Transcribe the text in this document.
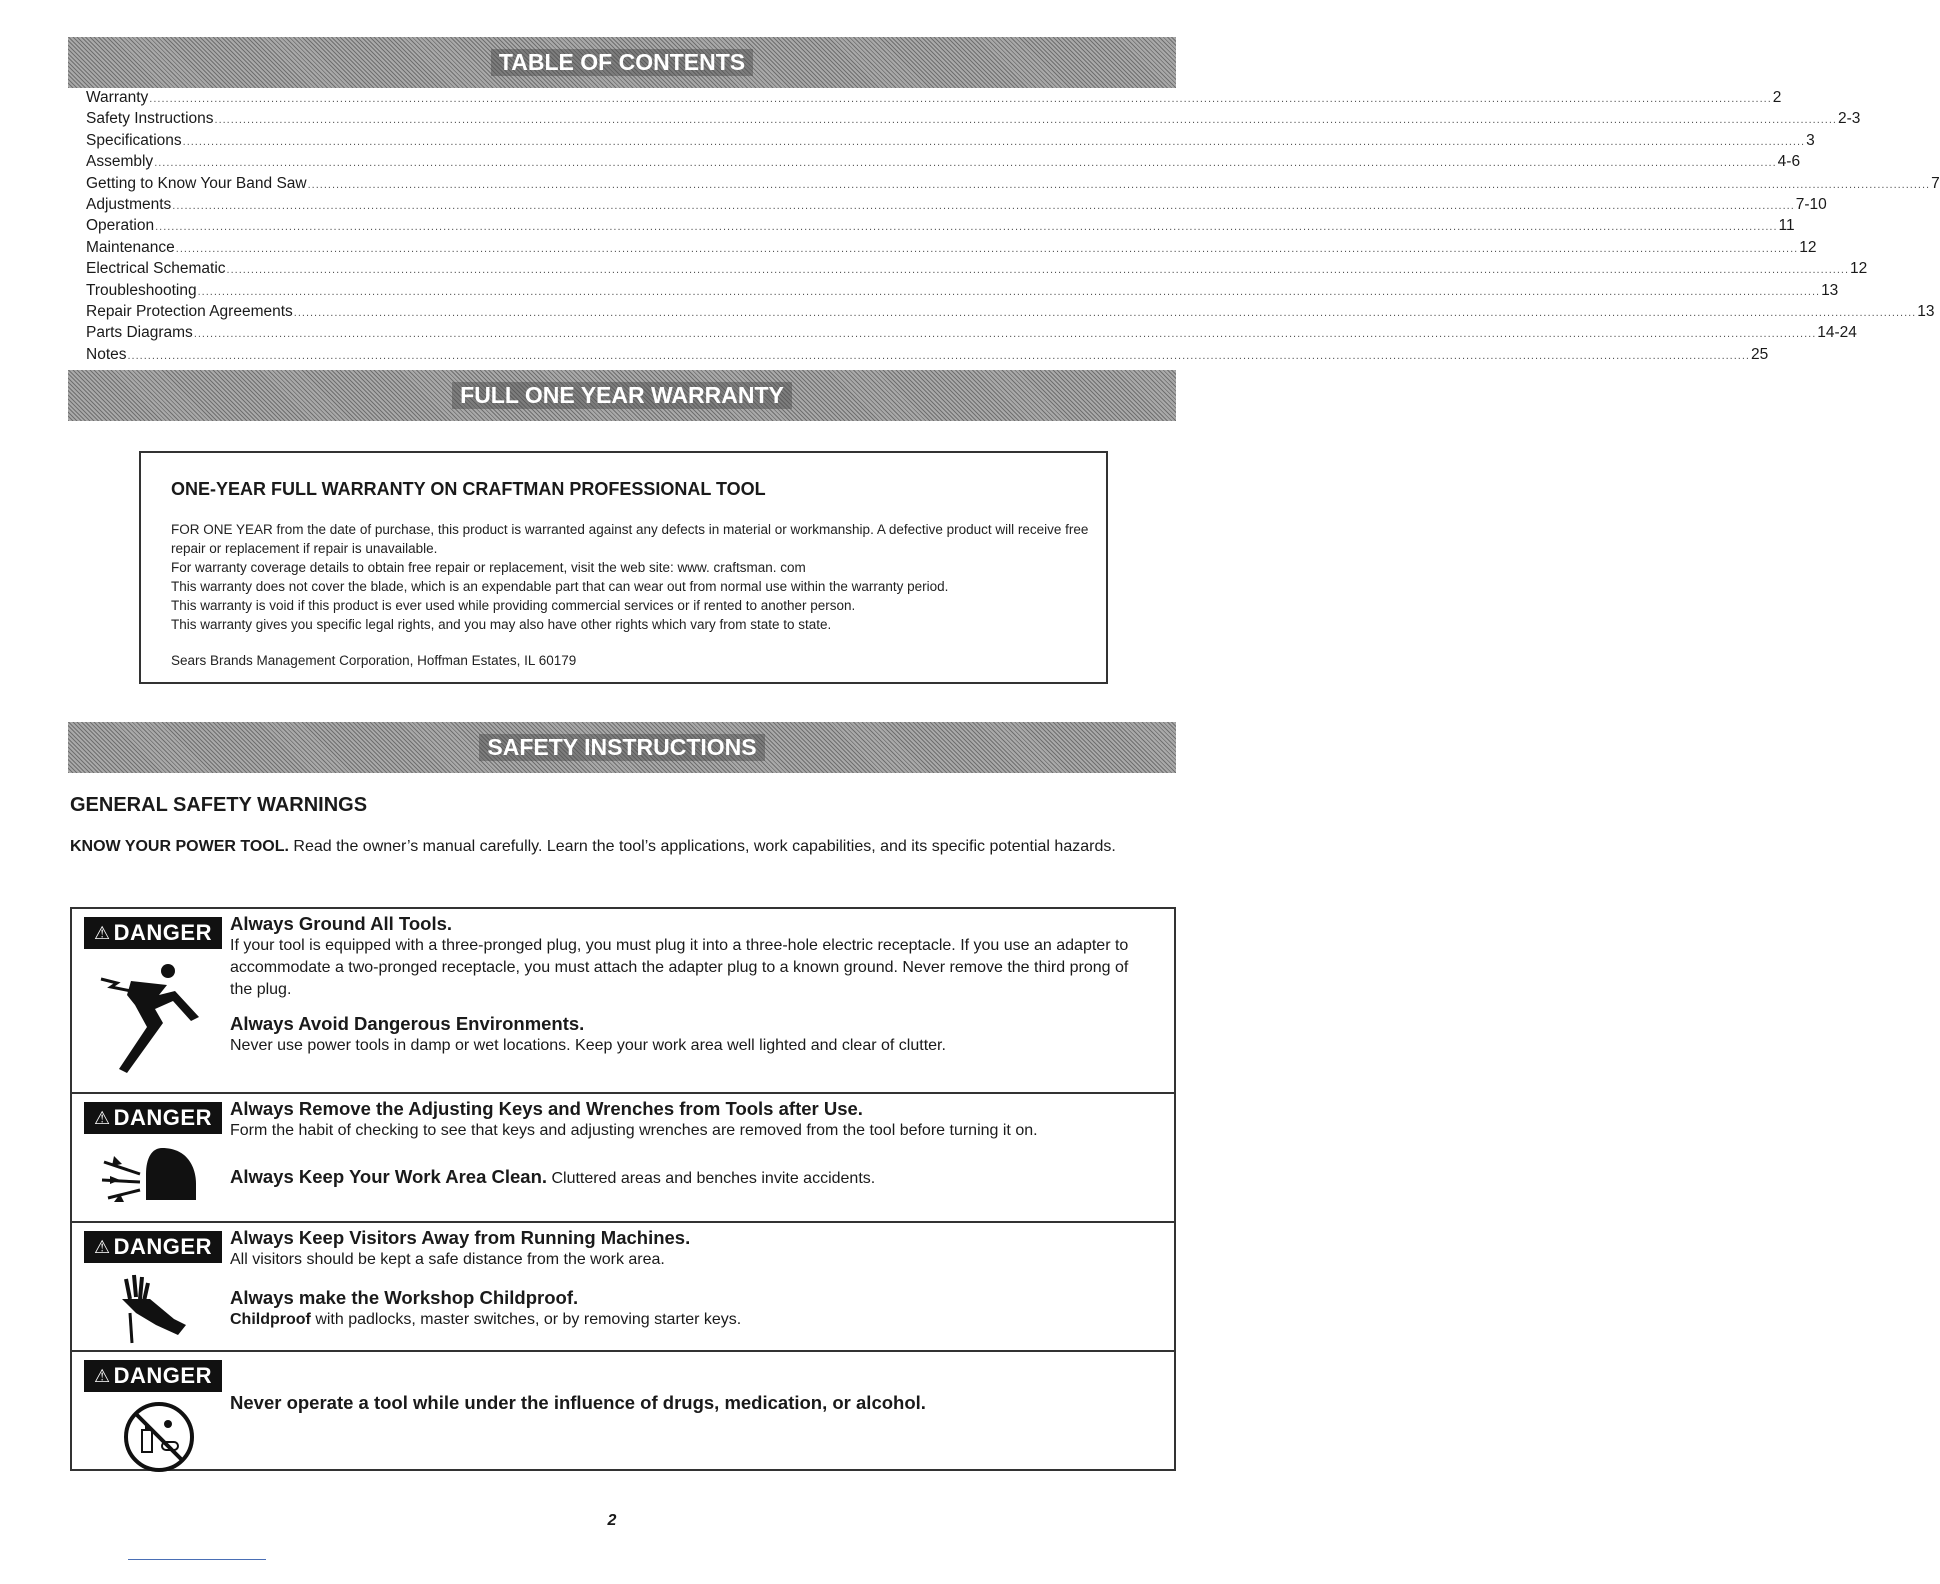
TABLE OF CONTENTS
Warranty ................................................................................................................................................................................................................................................................................................................................................................................................................ 2
Safety Instructions ................................................................................................................................................................................................................................................................................................................................................................................................................ 2-3
Specifications ................................................................................................................................................................................................................................................................................................................................................................................................................ 3
Assembly ................................................................................................................................................................................................................................................................................................................................................................................................................ 4-6
Getting to Know Your Band Saw ................................................................................................................................................................................................................................................................................................................................................................................................................ 7
Adjustments ................................................................................................................................................................................................................................................................................................................................................................................................................ 7-10
Operation ................................................................................................................................................................................................................................................................................................................................................................................................................ 11
Maintenance ................................................................................................................................................................................................................................................................................................................................................................................................................ 12
Electrical Schematic ................................................................................................................................................................................................................................................................................................................................................................................................................ 12
Troubleshooting ................................................................................................................................................................................................................................................................................................................................................................................................................ 13
Repair Protection Agreements ................................................................................................................................................................................................................................................................................................................................................................................................................ 13
Parts Diagrams ................................................................................................................................................................................................................................................................................................................................................................................................................ 14-24
Notes ................................................................................................................................................................................................................................................................................................................................................................................................................ 25
FULL ONE YEAR WARRANTY
ONE-YEAR FULL WARRANTY ON CRAFTMAN PROFESSIONAL TOOL

FOR ONE YEAR from the date of purchase, this product is warranted against any defects in material or workmanship. A defective product will receive free repair or replacement if repair is unavailable.

For warranty coverage details to obtain free repair or replacement, visit the web site: www. craftsman. com

This warranty does not cover the blade, which is an expendable part that can wear out from normal use within the warranty period.

This warranty is void if this product is ever used while providing commercial services or if rented to another person.

This warranty gives you specific legal rights, and you may also have other rights which vary from state to state.

Sears Brands Management Corporation, Hoffman Estates, IL 60179
SAFETY INSTRUCTIONS
GENERAL SAFETY WARNINGS
KNOW YOUR POWER TOOL. Read the owner’s manual carefully. Learn the tool’s applications, work capabilities, and its specific potential hazards.
⚠ DANGER Always Ground All Tools.

If your tool is equipped with a three-pronged plug, you must plug it into a three-hole electric receptacle. If you use an adapter to accommodate a two-pronged receptacle, you must attach the adapter plug to a known ground. Never remove the third prong of the plug.

Always Avoid Dangerous Environments.

Never use power tools in damp or wet locations. Keep your work area well lighted and clear of clutter.

⚠ DANGER Always Remove the Adjusting Keys and Wrenches from Tools after Use.

Form the habit of checking to see that keys and adjusting wrenches are removed from the tool before turning it on.

Always Keep Your Work Area Clean. Cluttered areas and benches invite accidents.

⚠ DANGER Always Keep Visitors Away from Running Machines.

All visitors should be kept a safe distance from the work area.

Always make the Workshop Childproof.

Childproof with padlocks, master switches, or by removing starter keys.

⚠ DANGER

Never operate a tool while under the influence of drugs, medication, or alcohol.

2
